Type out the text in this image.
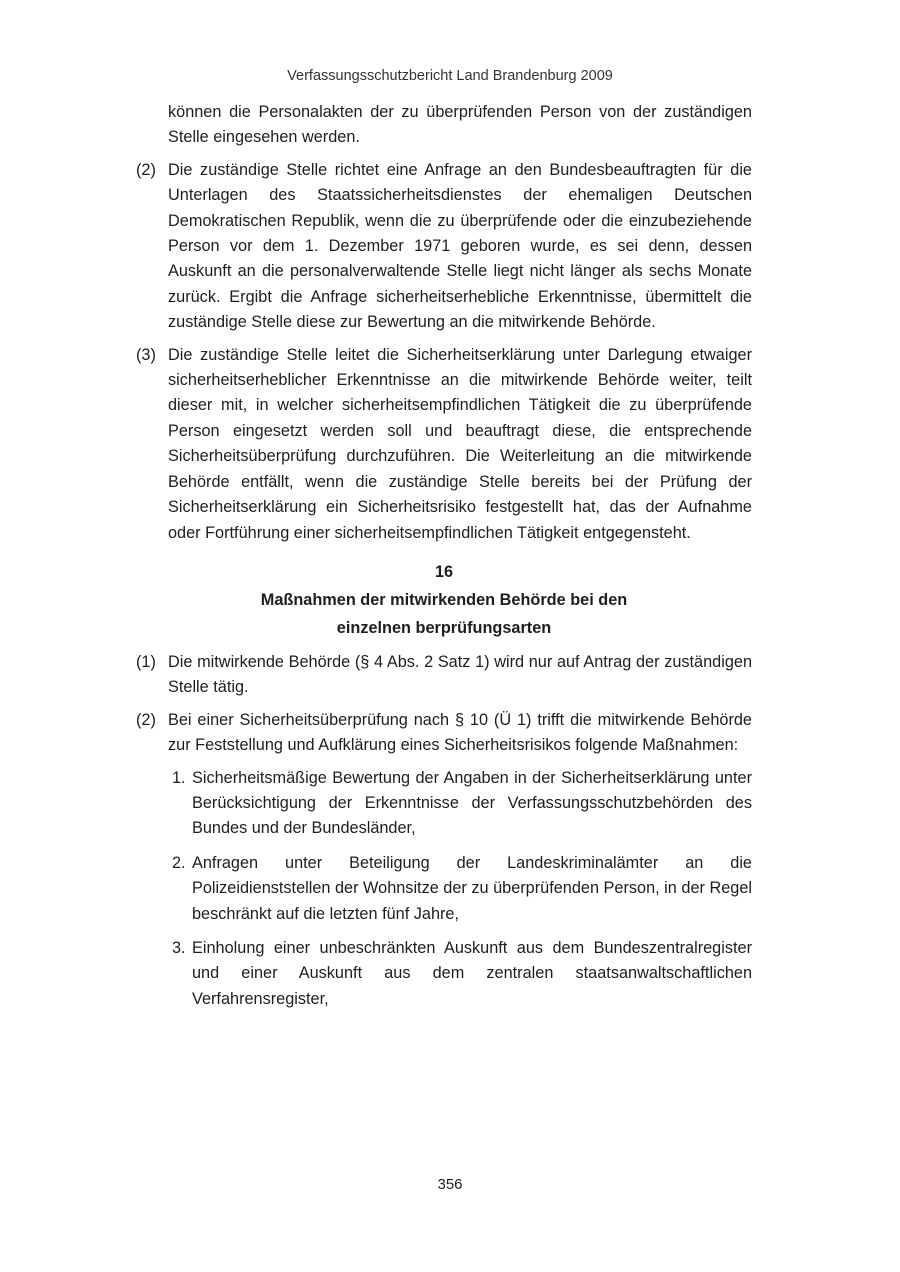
Verfassungsschutzbericht Land Brandenburg 2009

können die Personalakten der zu überprüfenden Person von der zuständigen Stelle eingesehen werden.

(2) Die zuständige Stelle richtet eine Anfrage an den Bundesbeauftragten für die Unterlagen des Staatssicherheitsdienstes der ehemaligen Deutschen Demokratischen Republik, wenn die zu überprüfende oder die einzubeziehende Person vor dem 1. Dezember 1971 geboren wurde, es sei denn, dessen Auskunft an die personalverwaltende Stelle liegt nicht länger als sechs Monate zurück. Ergibt die Anfrage sicherheitserhebliche Erkenntnisse, übermittelt die zuständige Stelle diese zur Bewertung an die mitwirkende Behörde.
(3) Die zuständige Stelle leitet die Sicherheitserklärung unter Darlegung etwaiger sicherheitserheblicher Erkenntnisse an die mitwirkende Behörde weiter, teilt dieser mit, in welcher sicherheitsempfindlichen Tätigkeit die zu überprüfende Person eingesetzt werden soll und beauftragt diese, die entsprechende Sicherheitsüberprüfung durchzuführen. Die Weiterleitung an die mitwirkende Behörde entfällt, wenn die zuständige Stelle bereits bei der Prüfung der Sicherheitserklärung ein Sicherheitsrisiko festgestellt hat, das der Aufnahme oder Fortführung einer sicherheitsempfindlichen Tätigkeit entgegensteht.
16
Maßnahmen der mitwirkenden Behörde bei den
einzelnen berprüfungsarten
(1) Die mitwirkende Behörde (§ 4 Abs. 2 Satz 1) wird nur auf Antrag der zuständigen Stelle tätig.
(2) Bei einer Sicherheitsüberprüfung nach § 10 (Ü 1) trifft die mitwirkende Behörde zur Feststellung und Aufklärung eines Sicherheitsrisikos folgende Maßnahmen:
1. Sicherheitsmäßige Bewertung der Angaben in der Sicherheitserklärung unter Berücksichtigung der Erkenntnisse der Verfassungsschutzbehörden des Bundes und der Bundesländer,
2. Anfragen unter Beteiligung der Landeskriminalämter an die Polizeidienststellen der Wohnsitze der zu überprüfenden Person, in der Regel beschränkt auf die letzten fünf Jahre,
3. Einholung einer unbeschränkten Auskunft aus dem Bundeszentralregister und einer Auskunft aus dem zentralen staatsanwaltschaftlichen Verfahrensregister,
356
